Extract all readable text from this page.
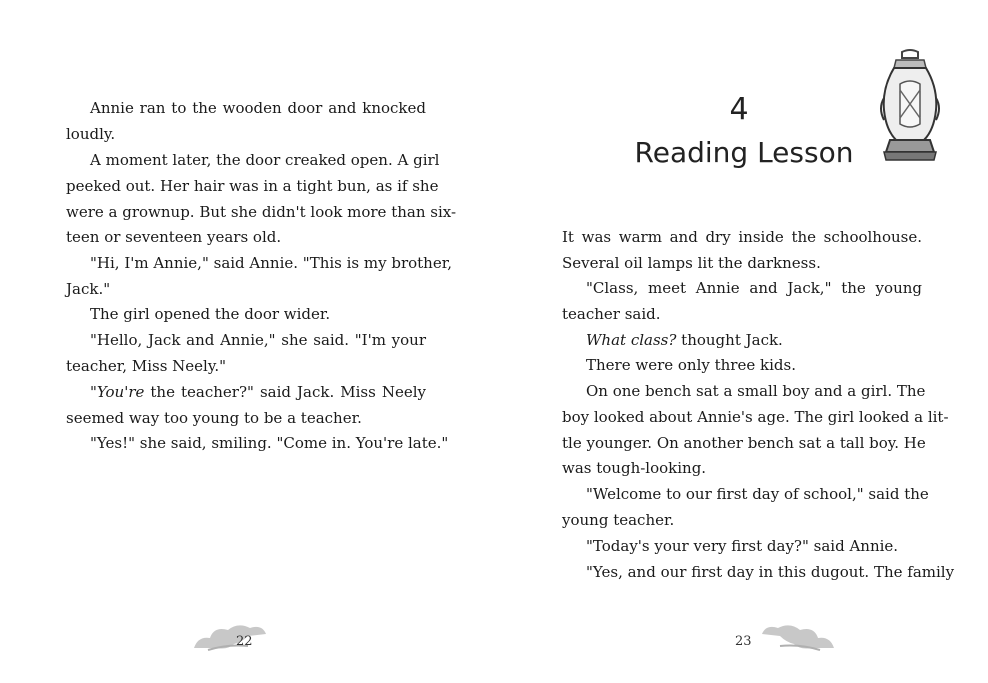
Annie ran to the wooden door and knocked
loudly.

A moment later, the door creaked open. A girl
peeked out. Her hair was in a tight bun, as if she
were a grownup. But she didn't look more than six-
teen or seventeen years old.

"Hi, I'm Annie," said Annie. "This is my brother,
Jack."

The girl opened the door wider.

"Hello, Jack and Annie," she said. "I'm your
teacher, Miss Neely."

"You're the teacher?" said Jack. Miss Neely
seemed way too young to be a teacher.

"Yes!" she said, smiling. "Come in. You're late."

22
4
Reading Lesson

It was warm and dry inside the schoolhouse.
Several oil lamps lit the darkness.

"Class, meet Annie and Jack," the young
teacher said.

What class? thought Jack.

There were only three kids.

On one bench sat a small boy and a girl. The
boy looked about Annie's age. The girl looked a lit-
tle younger. On another bench sat a tall boy. He
was tough-looking.

"Welcome to our first day of school," said the
young teacher.

"Today's your very first day?" said Annie.

"Yes, and our first day in this dugout. The family

23
